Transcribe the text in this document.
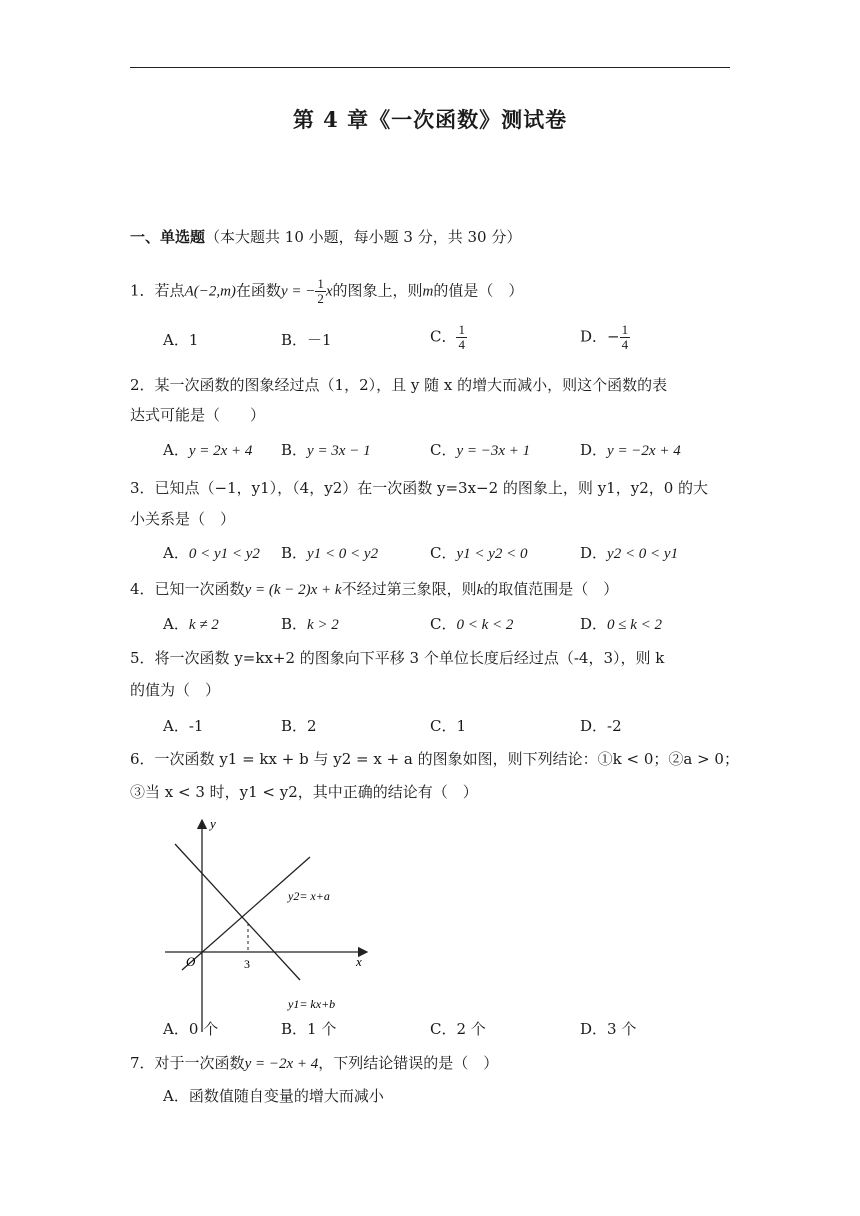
第 4 章《一次函数》测试卷
一、单选题（本大题共 10 小题，每小题 3 分，共 30 分）
1．若点A(−2,m)在函数y = − $\frac{1}{2}$ x的图象上，则m的值是（　）
A．1	B．－1	C． $\frac{1}{4}$	D．− $\frac{1}{4}$
2．某一次函数的图象经过点（1，2），且 y 随 x 的增大而减小，则这个函数的表
达式可能是（　　）
A．y = 2x + 4 B．y = 3x − 1	C．y = −3x + 1	D．y = −2x + 4
3．已知点（−1，y1），（4，y2）在一次函数 y=3x−2 的图象上，则 y1，y2，0 的大
小关系是（　）
A．0 < y1 < y2 B．y1 < 0 < y2	C．y1 < y2 < 0	D．y2 < 0 < y1
4．已知一次函数y = (k − 2)x + k不经过第三象限，则k的取值范围是（　）
A．k ≠ 2	B．k > 2	C．0 < k < 2	D．0 ≤ k < 2
5．将一次函数 y=kx+2 的图象向下平移 3 个单位长度后经过点（-4，3），则 k
的值为（　）
A．-1	B．2	C．1	D．-2
6．一次函数 y1 = kx + b 与 y2 = x + a 的图象如图，则下列结论：①k < 0；②a > 0；
③当 x < 3 时，y1 < y2，其中正确的结论有（　）
y
x
O	3
y2= x+a
y1= kx+b
A．0 个	B．1 个	C．2 个	D．3 个
7．对于一次函数y = −2x + 4，下列结论错误的是（　）
A．函数值随自变量的增大而减小
